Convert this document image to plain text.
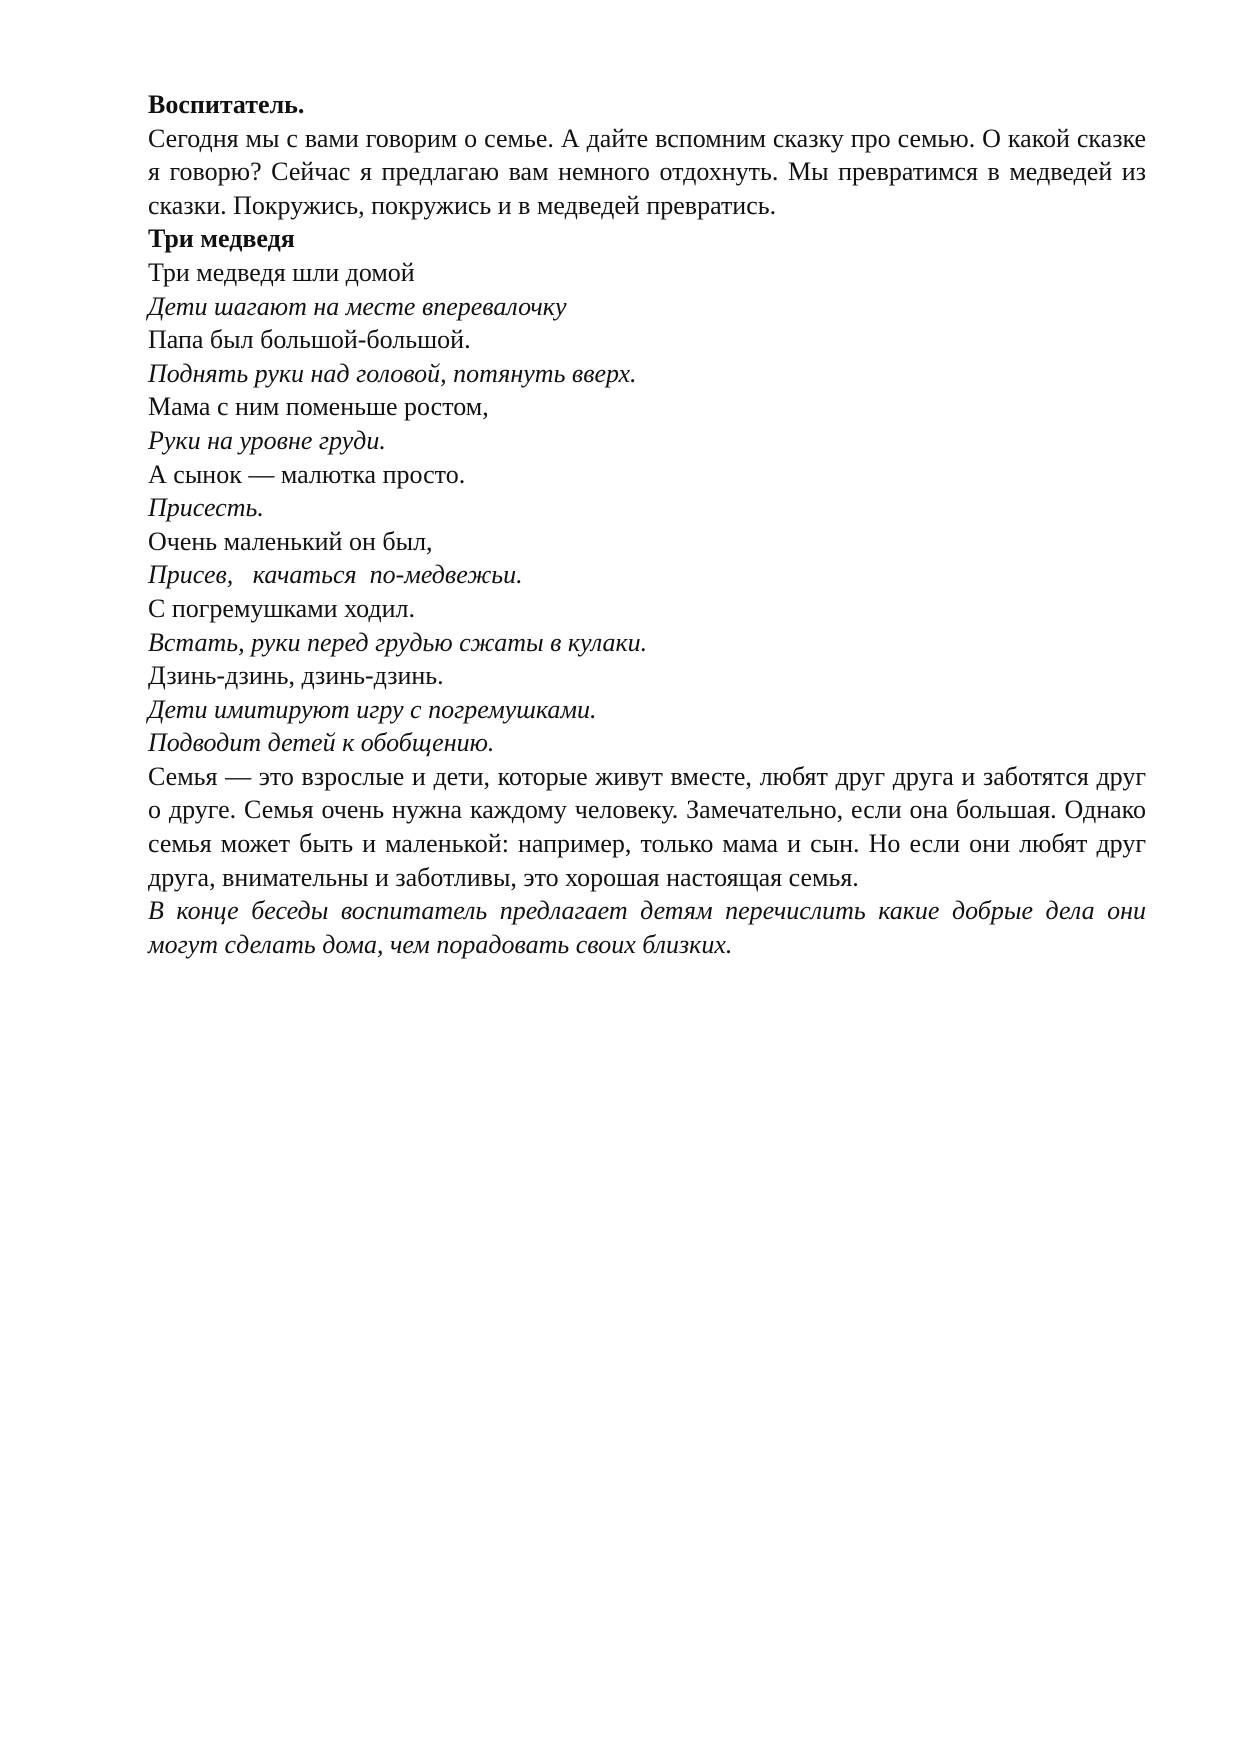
Воспитатель.

Сегодня мы с вами говорим о семье. А дайте вспомним сказку про семью. О какой сказке я говорю? Сейчас я предлагаю вам немного отдохнуть. Мы превратимся в медведей из сказки. Покружись, покружись и в медведей превратись.

Три медведя

Три медведя шли домой

Дети шагают на месте вперевалочку

Папа был большой-большой.

Поднять руки над головой, потянуть вверх.

Мама с ним поменьше ростом,

Руки на уровне груди.

А сынок — малютка просто.

Присесть.

Очень маленький он был,

Присев,   качаться  по-медвежьи.

С погремушками ходил.

Встать, руки перед грудью сжаты в кулаки.

Дзинь-дзинь, дзинь-дзинь.

Дети имитируют игру с погремушками.

Подводит детей к обобщению.

Семья — это взрослые и дети, которые живут вместе, любят друг друга и заботятся друг о друге. Семья очень нужна каждому человеку. Замечательно, если она большая. Однако семья может быть и маленькой: например, только мама и сын. Но если они любят друг друга, внимательны и заботливы, это хорошая настоящая семья.

В конце беседы воспитатель предлагает детям перечислить какие добрые дела они могут сделать дома, чем порадовать своих близких.
